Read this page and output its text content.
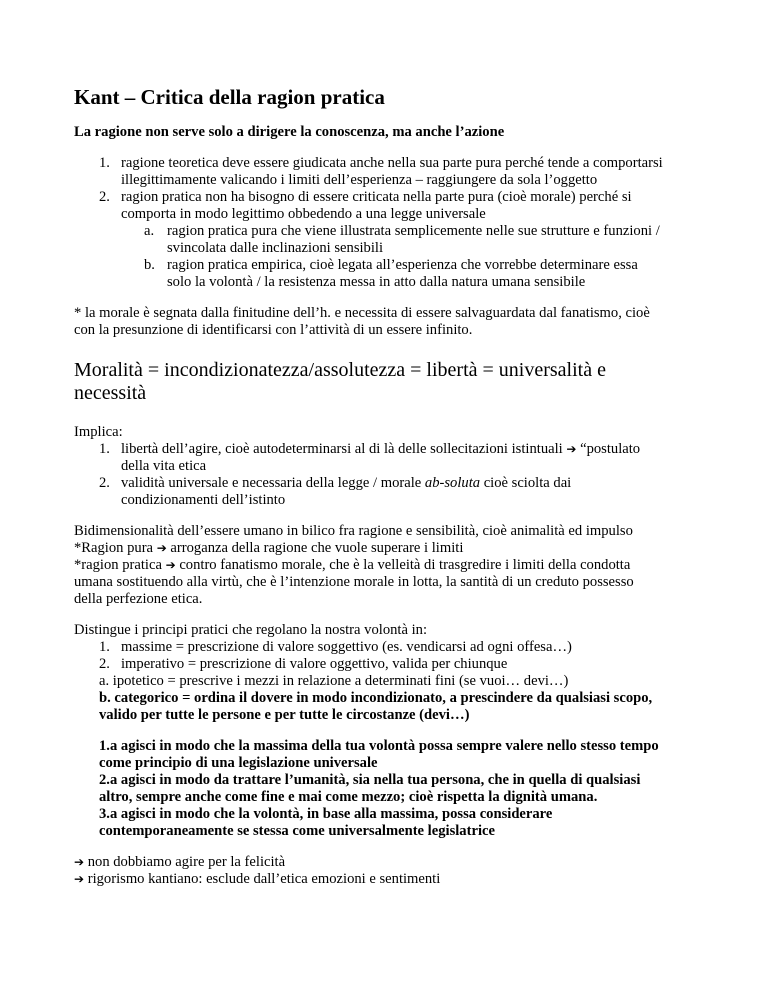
Kant – Critica della ragion pratica
La ragione non serve solo a dirigere la conoscenza, ma anche l’azione
1. ragione teoretica deve essere giudicata anche nella sua parte pura perché tende a comportarsi
illegittimamente valicando i limiti dell’esperienza – raggiungere da sola l’oggetto
2. ragion pratica non ha bisogno di essere criticata nella parte pura (cioè morale) perché si
comporta in modo legittimo obbedendo a una legge universale
a. ragion pratica pura che viene illustrata semplicemente nelle sue strutture e funzioni /
svincolata dalle inclinazioni sensibili
b. ragion pratica empirica, cioè legata all’esperienza che vorrebbe determinare essa
solo la volontà / la resistenza messa in atto dalla natura umana sensibile
* la morale è segnata dalla finitudine dell’h. e necessita di essere salvaguardata dal fanatismo, cioè
con la presunzione di identificarsi con l’attività di un essere infinito.
Moralità = incondizionatezza/assolutezza = libertà = universalità e
necessità
Implica:
1. libertà dell’agire, cioè autodeterminarsi al di là delle sollecitazioni istintuali ➔ “postulato
della vita etica
2. validità universale e necessaria della legge / morale ab-soluta cioè sciolta dai
condizionamenti dell’istinto
Bidimensionalità dell’essere umano in bilico fra ragione e sensibilità, cioè animalità ed impulso
*Ragion pura ➔ arroganza della ragione che vuole superare i limiti
*ragion pratica ➔ contro fanatismo morale, che è la velleità di trasgredire i limiti della condotta
umana sostituendo alla virtù, che è l’intenzione morale in lotta, la santità di un creduto possesso
della perfezione etica.
Distingue i principi pratici che regolano la nostra volontà in:
1. massime = prescrizione di valore soggettivo (es. vendicarsi ad ogni offesa…)
2. imperativo = prescrizione di valore oggettivo, valida per chiunque
a. ipotetico = prescrive i mezzi in relazione a determinati fini (se vuoi… devi…)
b. categorico = ordina il dovere in modo incondizionato, a prescindere da qualsiasi scopo,
valido per tutte le persone e per tutte le circostanze (devi…)
1.a agisci in modo che la massima della tua volontà possa sempre valere nello stesso tempo
come principio di una legislazione universale
2.a agisci in modo da trattare l’umanità, sia nella tua persona, che in quella di qualsiasi
altro, sempre anche come fine e mai come mezzo; cioè rispetta la dignità umana.
3.a agisci in modo che la volontà, in base alla massima, possa considerare
contemporaneamente se stessa come universalmente legislatrice
➔ non dobbiamo agire per la felicità
➔ rigorismo kantiano: esclude dall’etica emozioni e sentimenti
